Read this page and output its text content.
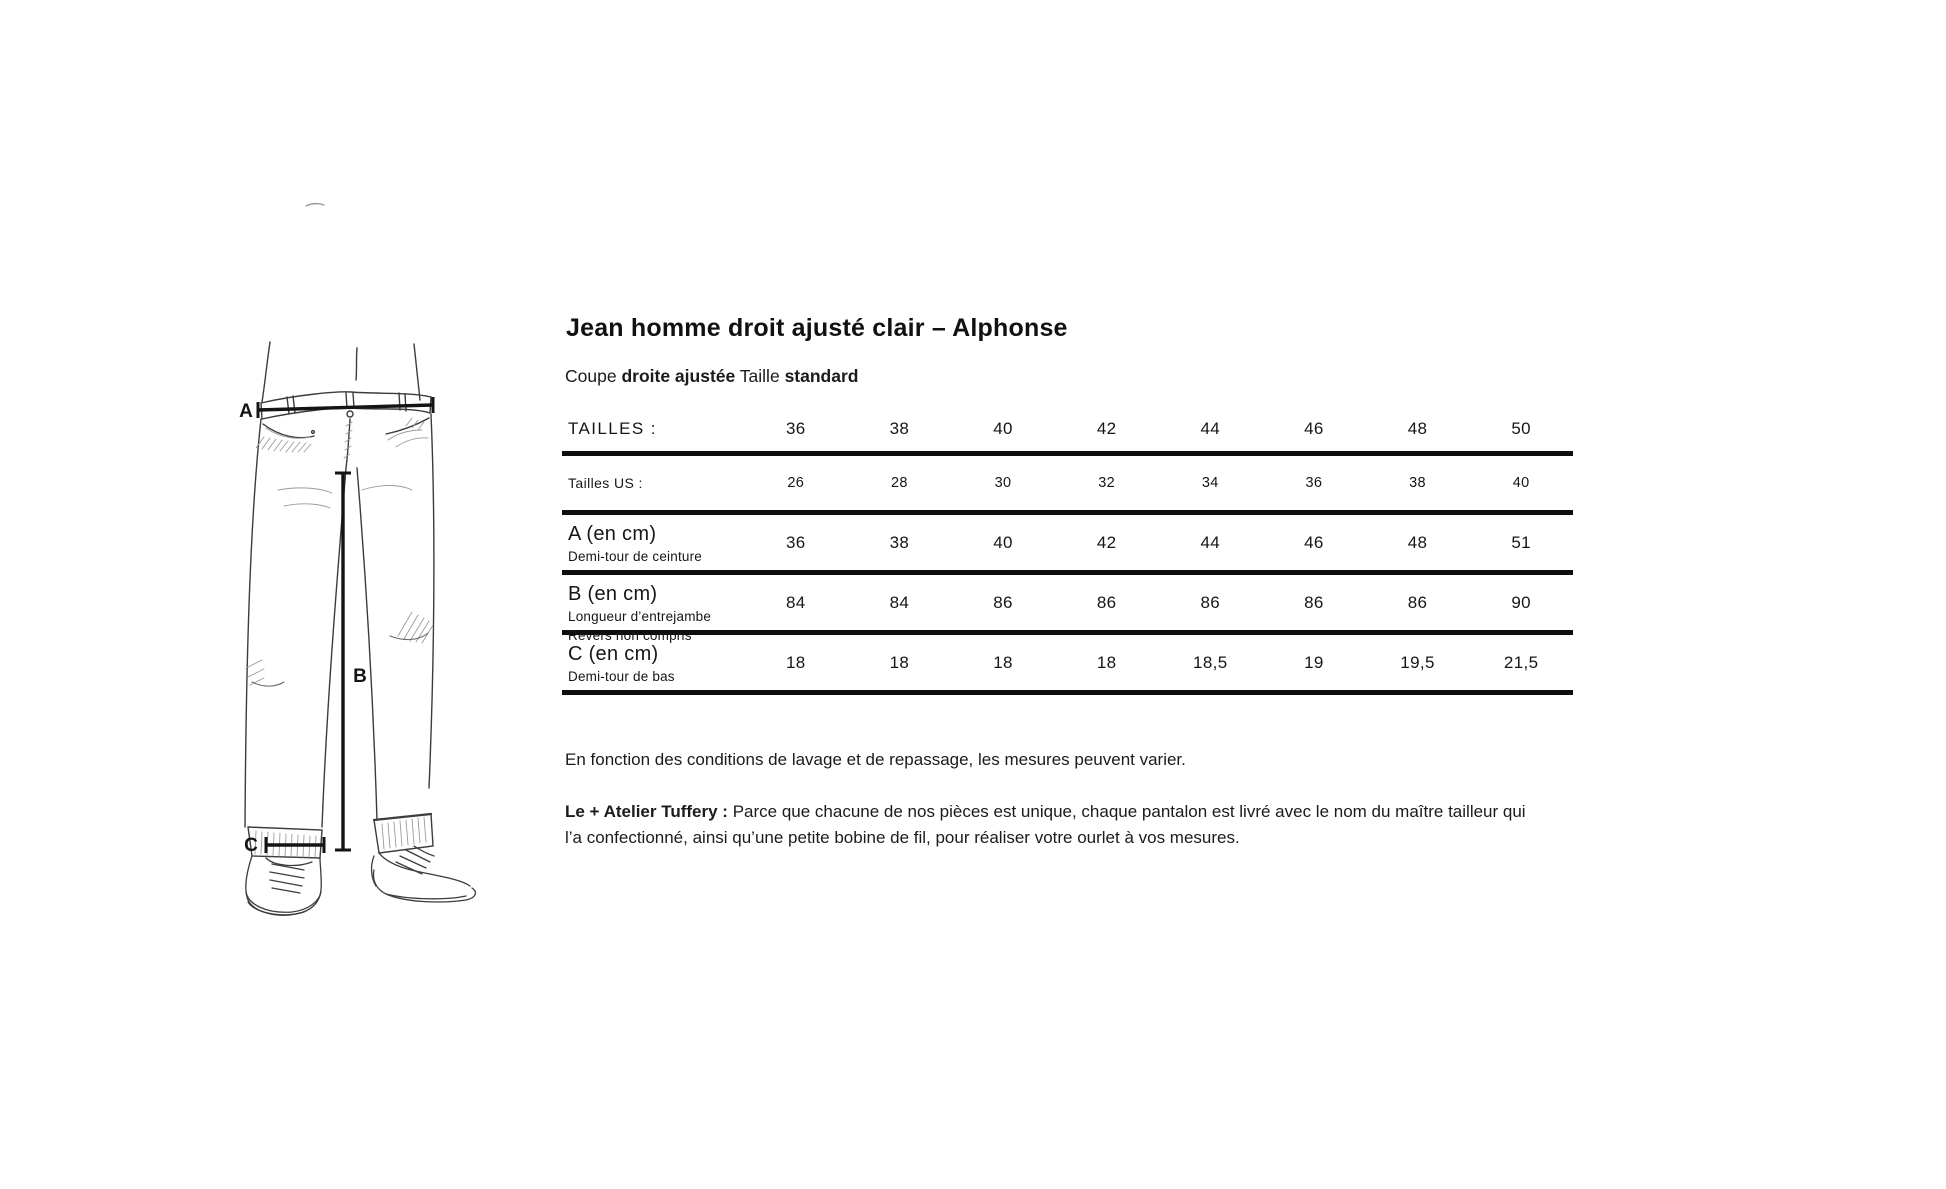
A
B
C
Jean homme droit ajusté clair – Alphonse

Coupe droite ajustée Taille standard

TAILLES :	36	38	40	42	44	46	48	50
Tailles US :	26	28	30	32	34	36	38	40
A (en cm)
Demi-tour de ceinture
36	38	40	42	44	46	48	51
B (en cm)
Longueur d’entrejambe
Revers non compris
84	84	86	86	86	86	86	90
C (en cm)
Demi-tour de bas
18	18	18	18	18,5	19	19,5	21,5

En fonction des conditions de lavage et de repassage, les mesures peuvent varier.

Le + Atelier Tuffery : Parce que chacune de nos pièces est unique, chaque pantalon est livré avec le nom du maître tailleur qui l’a confectionné, ainsi qu’une petite bobine de fil, pour réaliser votre ourlet à vos mesures.
